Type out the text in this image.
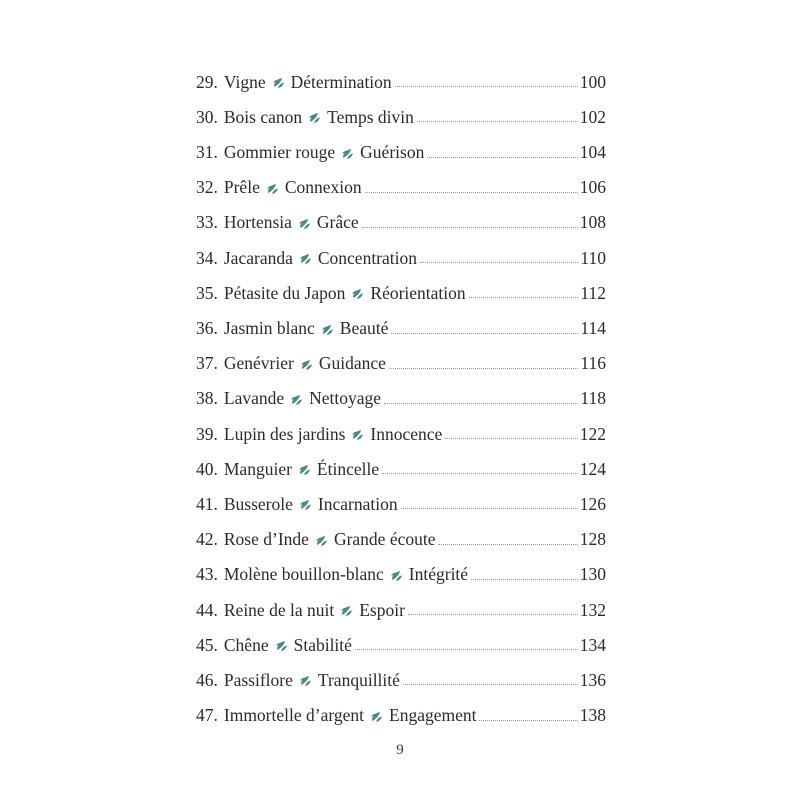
29. Vigne Détermination	100
30. Bois canon Temps divin	102
31. Gommier rouge Guérison	104
32. Prêle Connexion	106
33. Hortensia Grâce	108
34. Jacaranda Concentration	110
35. Pétasite du Japon Réorientation	112
36. Jasmin blanc Beauté	114
37. Genévrier Guidance	116
38. Lavande Nettoyage	118
39. Lupin des jardins Innocence	122
40. Manguier Étincelle	124
41. Busserole Incarnation	126
42. Rose d’Inde Grande écoute	128
43. Molène bouillon-blanc Intégrité	130
44. Reine de la nuit Espoir	132
45. Chêne Stabilité	134
46. Passiflore Tranquillité	136
47. Immortelle d’argent Engagement	138
9
